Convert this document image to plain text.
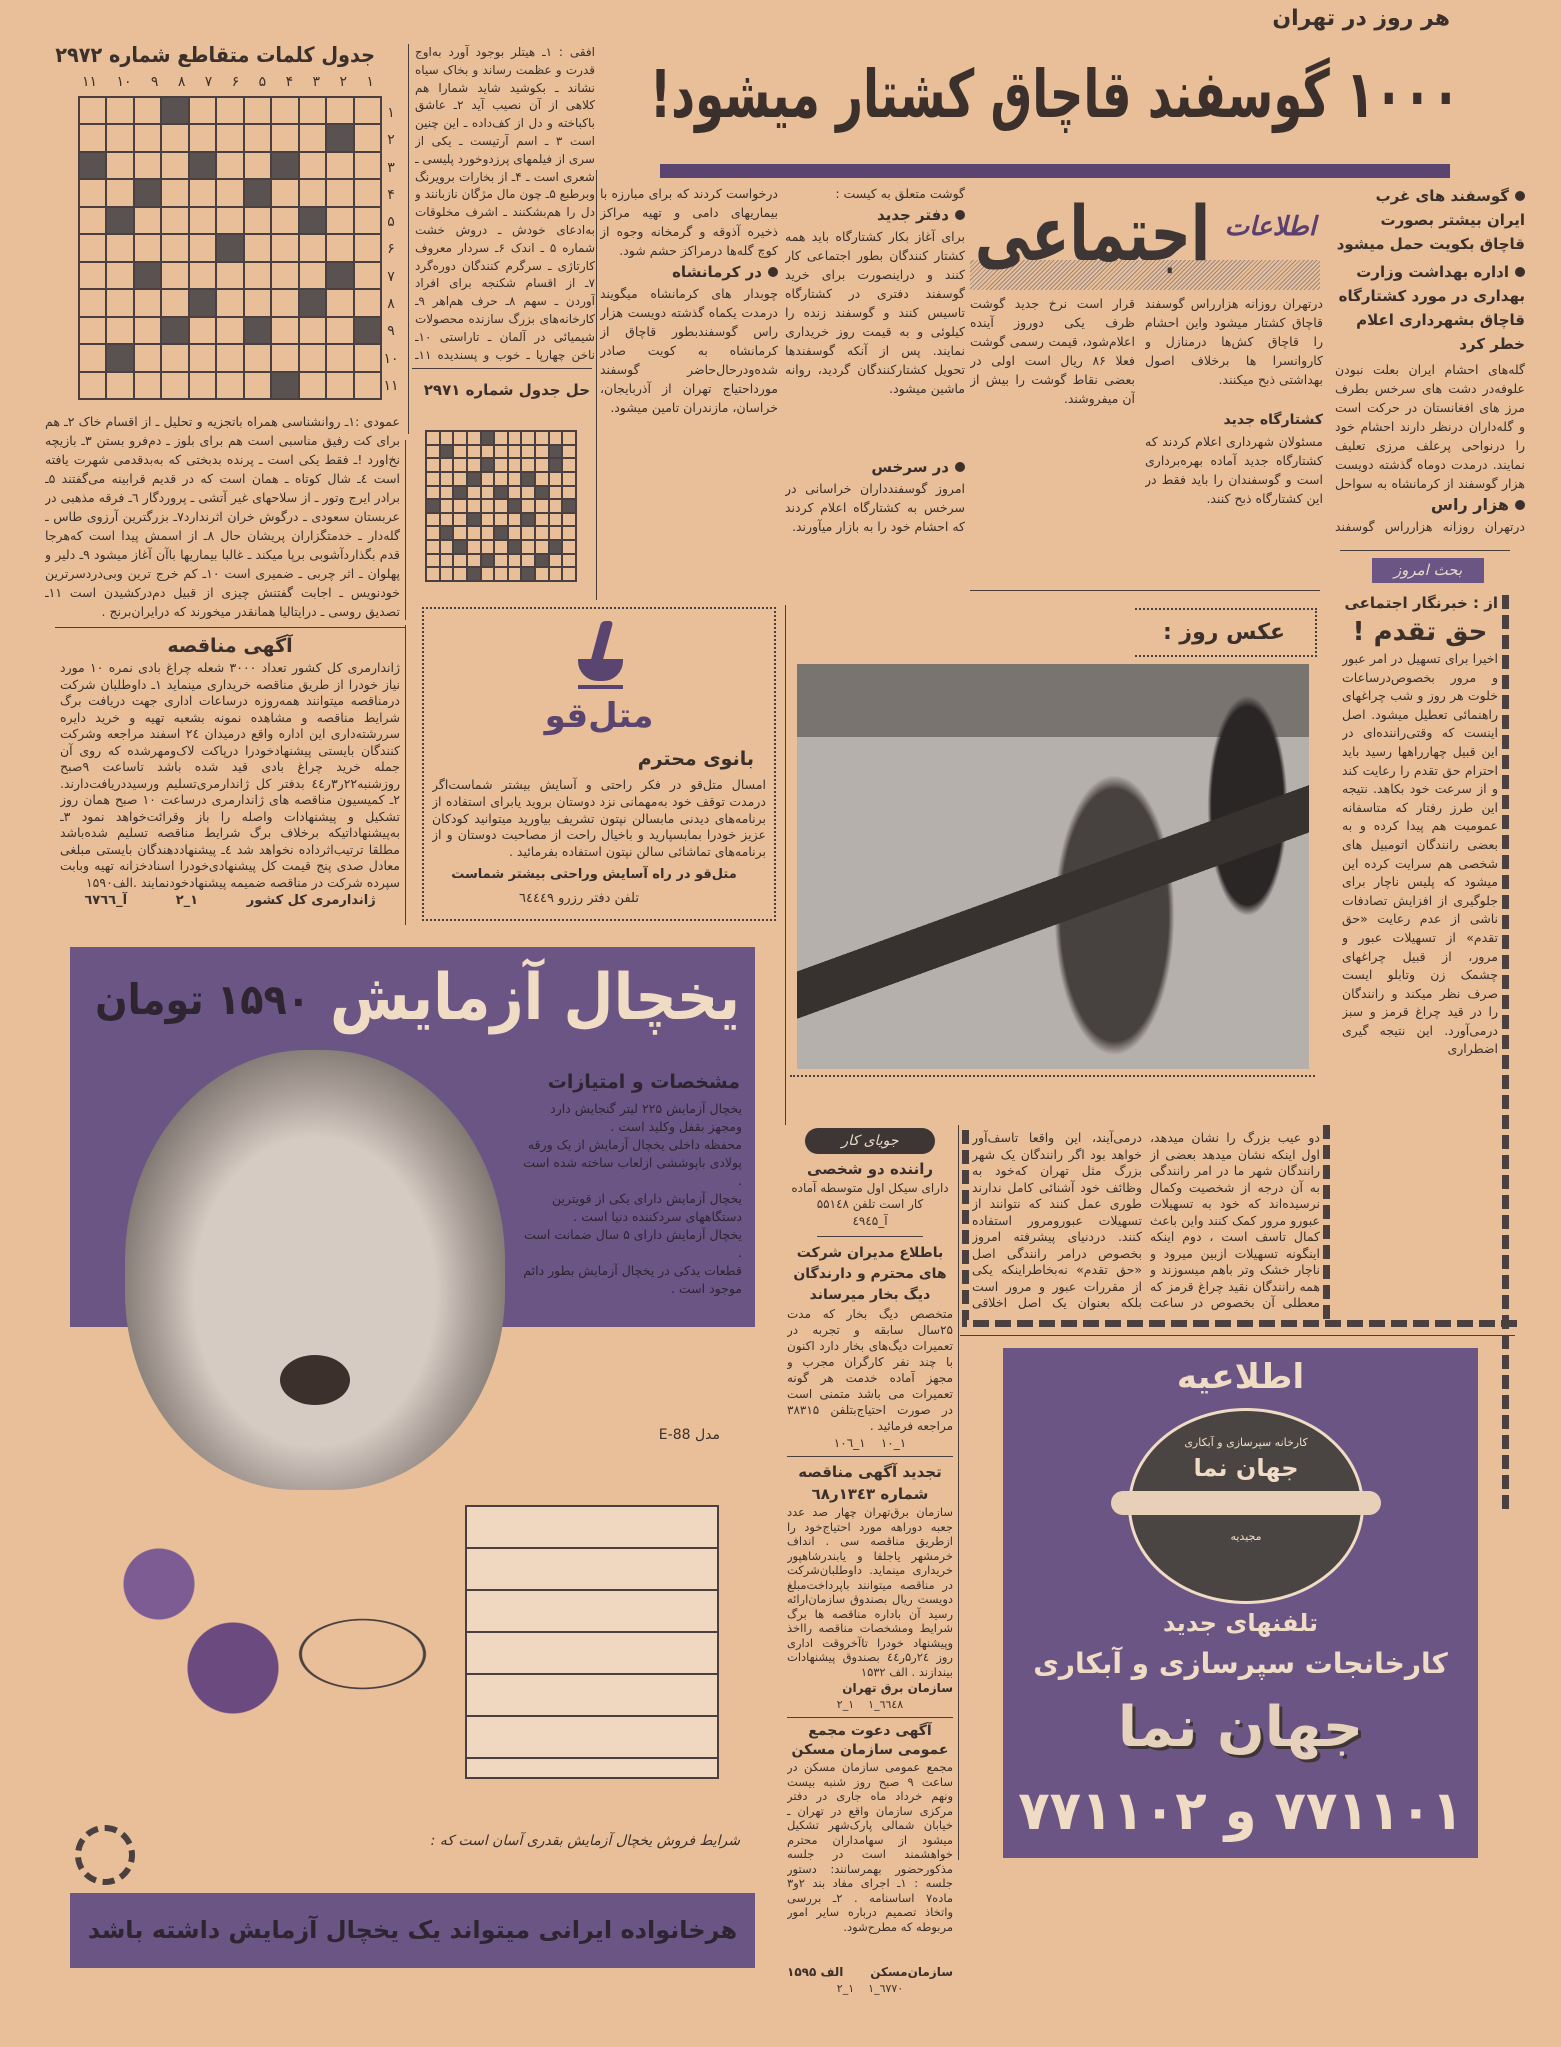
هر روز در تهران
۱۰۰۰ گوسفند قاچاق کشتار میشود!
گوسفند های غرب ایران بیشتر بصورت قاچاق بکویت حمل میشود
اداره بهداشت وزارت بهداری در مورد کشتارگاه قاچاق بشهرداری اعلام خطر کرد
گله‌های احشام ایران بعلت نبودن علوفه‌در دشت های سرخس بطرف مرز های افغانستان در حرکت است و گله‌داران درنظر دارند احشام خود را درنواحی پرعلف مرزی تعلیف نمایند. درمدت دوماه گذشته دویست هزار گوسفند از کرمانشاه به سواحل
هزار راس
درتهران روزانه هزارراس گوسفند
بحث امروز
از : خبرنگار اجتماعی
حق تقدم !
اخیرا برای تسهیل در امر عبور و مرور بخصوص‌درساعات خلوت هر روز و شب چراغهای راهنمائی تعطیل میشود. اصل اینست که وقتی‌راننده‌ای در این قبیل چهارراهها رسید باید احترام حق تقدم را رعایت کند و از سرعت خود بکاهد. نتیجه این طرز رفتار که متاسفانه عمومیت هم پیدا کرده و به بعضی رانندگان اتومبیل های شخصی هم سرایت کرده این میشود که پلیس ناچار برای جلوگیری از افزایش تصادفات ناشی از عدم رعایت «حق تقدم» از تسهیلات عبور و مرور، از قبیل چراغهای چشمک زن وتابلو ایست صرف نظر میکند و رانندگان را در قید چراغ قرمز و سبز درمی‌آورد. این نتیجه گیری اضطراری
اطلاعات
اجتماعی
درتهران روزانه هزارراس گوسفند قاچاق کشتار میشود واین احشام را قاچاق کش‌ها درمنازل و کاروانسرا ها برخلاف اصول بهداشتی ذبح میکنند.
کشتارگاه جدید
مسئولان شهرداری اعلام کردند که کشتارگاه جدید آماده بهره‌برداری است و گوسفندان را باید فقط در این کشتارگاه ذبح کنند.
قرار است نرخ جدید گوشت ظرف یکی دوروز آینده اعلام‌شود، قیمت رسمی گوشت فعلا ۸۶ ریال است اولی در بعضی نقاط گوشت را بیش از آن میفروشند.
گوشت متعلق به کیست :
دفتر جدید
برای آغاز بکار کشتارگاه باید همه کشتار کنندگان بطور اجتماعی کار کنند و دراینصورت برای خرید گوسفند دفتری در کشتارگاه تاسیس کنند و گوسفند زنده را کیلوئی و به قیمت روز خریداری نمایند. پس از آنکه گوسفندها تحویل کشتارکنندگان گردید، روانه ماشین میشود.
در سرخس
امروز گوسفندداران خراسانی در سرخس به کشتارگاه اعلام کردند که احشام خود را به بازار میآورند.
درخواست کردند که برای مبارزه با بیماریهای دامی و تهیه مراکز ذخیره آذوقه و گرمخانه وجوه از کوچ گله‌ها درمراکز حشم شود.
در کرمانشاه
چوبدار های کرمانشاه میگویند درمدت یکماه گذشته دویست هزار راس گوسفندبطور قاچاق از کرمانشاه به کویت صادر شده‌ودرحال‌حاضر گوسفند مورداحتیاج تهران از آذربایجان، خراسان، مازندران تامین میشود.
جدول کلمات متقاطع شماره ۲۹۷۲
۱۱ ۱۰ ۹ ۸ ۷ ۶ ۵ ۴ ۳ ۲ ۱
۱
۲
۳
۴
۵
۶
۷
۸
۹
۱۰
۱۱
افقی : ۱ـ هیتلر بوجود آورد به‌اوج قدرت و عظمت رساند و بخاک سیاه نشاند ـ بکوشید شاید شمارا هم کلاهی از آن نصیب آید ۲ـ عاشق باکباخته و دل از کف‌داده ـ این چنین است ۳ ـ اسم آرتیست ـ یکی از سری از فیلمهای پرزدوخورد پلیسی ـ شعری است ـ ۴ـ از بخارات برویرنگ وبرطبع ۵ـ چون مال مژگان نازبانند و دل را هم‌بشکنند ـ اشرف مخلوقات به‌ادعای خودش ـ دروش خشت شماره ۵ ـ اندک ۶ـ سردار معروف کارتاژی ـ سرگرم کنندگان دوره‌گرد ۷ـ از اقسام شکنجه برای افراد آوردن ـ سهم ۸ـ حرف هم‌اهر ۹ـ کارخانه‌های بزرگ سازنده محصولات شیمیائی در آلمان ـ تاراستی ۱۰ـ ناخن چهارپا ـ خوب و پسندیده ۱۱ـ
حل جدول شماره ۲۹۷۱
عمودی :۱ـ روانشناسی همراه باتجزیه و تحلیل ـ از اقسام خاک ۲ـ هم برای کت رفیق مناسبی است هم برای بلوز ـ دم‌فرو بستن ۳ـ بازیچه نخ‌اورد !ـ فقط یکی است ـ پرنده بدبختی که به‌بدقدمی شهرت یافته است ٤ـ شال کوتاه ـ همان است که در قدیم قرابینه می‌گفتند ۵ـ برادر ایرج وتور ـ از سلاحهای غیر آتشی ـ پروردگار ٦ـ فرقه مذهبی در عربستان سعودی ـ درگوش خران اثرندارد۷ـ بزرگترین آرزوی طاس ـ گله‌دار ـ خدمتگزاران پریشان حال ۸ـ از اسمش پیدا است که‌هرجا قدم بگذاردآشوبی برپا میکند ـ غالبا بیماریها باآن آغاز میشود ۹ـ دلیر و پهلوان ـ اثر چربی ـ ضمیری است ۱۰ـ کم خرج ترین وبی‌دردسرترین خودنویس ـ اجابت گفتنش چیزی از قبیل دم‌درکشیدن است ۱۱ـ تصدیق روسی ـ درایتالیا همانقدر میخورند که درایران‌برنج .
آگهی مناقصه
ژاندارمری کل کشور تعداد ۳۰۰۰ شعله چراغ بادی نمره ۱۰ مورد نیاز خودرا از طریق مناقصه خریداری مینماید ۱ـ داوطلبان شرکت درمناقصه میتوانند همه‌روزه درساعات اداری جهت دریافت برگ شرایط مناقصه و مشاهده نمونه بشعبه تهیه و خرید دایره سررشته‌داری این اداره واقع درمیدان ۲٤ اسفند مراجعه وشرکت کنندگان بایستی پیشنهادخودرا درپاکت لاک‌ومهرشده که روی آن جمله خرید چراغ بادی قید شده باشد تاساعت ۹صبح روزشنبه۲۲ر۳ر٤٤ بدفتر کل ژاندارمری‌تسلیم ورسیددریافت‌دارند. ۲ـ کمیسیون مناقصه های ژاندارمری درساعت ۱۰ صبح همان روز تشکیل و پیشنهادات واصله را باز وقرائت‌خواهد نمود ۳ـ به‌پیشنهاداتیکه برخلاف برگ شرایط مناقصه تسلیم شده‌باشد مطلقا ترتیب‌اثرداده نخواهد شد ٤ـ پیشنهاددهندگان بایستی مبلغی معادل صدی پنج قیمت کل پیشنهادی‌خودرا اسنادخزانه تهیه وبابت سپرده شرکت در مناقصه ضمیمه پیشنهادخودنمایند .الف۱۵۹۰
ژاندارمری کل کشور
۱_۲
آ_٦۷٦٦
متل‌قو
بانوی محترم
امسال متل‌قو در فکر راحتی و آسایش بیشتر شماست‌اگر درمدت توقف خود به‌مهمانی نزد دوستان بروید یابرای استفاده از برنامه‌های دیدنی ما‌بسالن نپتون تشریف بیاورید میتوانید کودکان عزیز خودرا بمابسپارید و باخیال راحت از مصاحبت دوستان و از برنامه‌های تماشائی سالن نپتون استفاده بفرمائید .
متل‌قو در راه آسایش وراحتی بیشتر شماست
تلفن دفتر رزرو ٦٤٤٤۹
عکس روز :
یخچال آزمایش
۱۵۹۰ تومان
مشخصات و امتیازات
یخچال آزمایش ۲۲۵ لیتر گنجایش دارد ومجهز بقفل وکلید است .
محفظه داخلی یخچال آزمایش از یک ورقه پولادی باپوششی ازلعاب ساخته شده است .
یخچال آزمایش دارای یکی از قویترین دستگاههای سردکننده دنیا است .
یخچال آزمایش دارای ۵ سال ضمانت است .
قطعات یدکی در یخچال آزمایش بطور دائم موجود است .
مدل E-88
شرایط فروش یخچال آزمایش بقدری آسان است که :
هرخانواده ایرانی میتواند یک یخچال آزمایش داشته باشد
دو عیب بزرگ را نشان میدهد، اول اینکه نشان میدهد بعضی از رانندگان شهر ما در امر رانندگی به آن درجه از شخصیت وکمال نرسیده‌اند که خود به تسهیلات عبورو مرور کمک کنند واین باعث کمال تاسف است ، دوم اینکه اینگونه تسهیلات ازبین میرود و ناچار خشک وتر باهم میسوزند و همه رانندگان نقید چراغ قرمز که معطلی آن بخصوص در ساعت
درمی‌آیند، این واقعا تاسف‌آور خواهد بود اگر رانندگان یک شهر بزرگ مثل تهران که‌خود به وظائف خود آشنائی کامل ندارند طوری عمل کنند که نتوانند از تسهیلات عبورومرور استفاده کنند. دردنیای پیشرفته امروز بخصوص درامر رانندگی اصل «حق تقدم» نه‌بخاطراینکه یکی از مقررات عبور و مرور است بلکه بعنوان یک اصل اخلاقی
جویای کار
راننده دو شخصی
دارای سیکل اول متوسطه آماده کار است تلفن ۵۵۱٤۸
آ_٤۹٤۵
باطلاع مدیران شرکت های محترم و دارندگان دیگ بخار میرساند
متخصص دیگ بخار که مدت ۲۵سال سابقه و تجربه در تعمیرات دیگ‌های بخار دارد اکنون با چند نفر کارگران مجرب و مجهز آماده خدمت هر گونه تعمیرات می باشد متمنی است در صورت احتیاج‌بتلفن ۳۸۳۱۵ مراجعه فرمائید .
۱_۱۰    ۱_۱۰٦
تجدید آگهی مناقصه شماره ۱۳٤۳ر٦۸
سازمان برق‌تهران چهار صد عدد جعبه دوراهه مورد احتیاج‌خود را ازطریق مناقصه سی . انداف خرمشهر یاجلفا و یابندرشاهپور خریداری مینماید. داوطلبان‌شرکت در مناقصه میتوانند باپرداخت‌مبلغ دویست ریال بصندوق سازمان‌ارائه رسید آن باداره مناقصه ها برگ شرایط ومشخصات مناقصه رااخذ وپیشنهاد خودرا تاآخروقت اداری روز ۲٤ر۵ر٤٤ بصندوق پیشنهادات بیندازند . الف ۱۵۳۲
سازمان برق تهران
٦٦٤۸_۱    ۱_۲
آگهی دعوت مجمع عمومی سازمان مسکن
مجمع عمومی سازمان مسکن در ساعت ۹ صبح روز شنبه بیست ونهم خرداد ماه جاری در دفتر مرکزی سازمان واقع در تهران ـ خیابان شمالی پارک‌شهر تشکیل میشود از سهامداران محترم خواهشمند است در جلسه مذکورحضور بهمرسانند: دستور جلسه : ۱ـ اجرای مفاد بند ۲و۳ ماده۷ اساسنامه . ۲ـ بررسی واتخاذ تصمیم درباره سایر امور مربوطه که مطرح‌شود.
سازمان‌مسکن
الف ۱۵۹۵
٦۷۷۰_۱    ۱_۲
اطلاعیه
کارخانه سپرسازی و آبکاری
جهان نما
مجیدیه
تلفنهای جدید
کارخانجات سپرسازی و آبکاری
جهان نما
۷۷۱۱۰۱ و ۷۷۱۱۰۲
